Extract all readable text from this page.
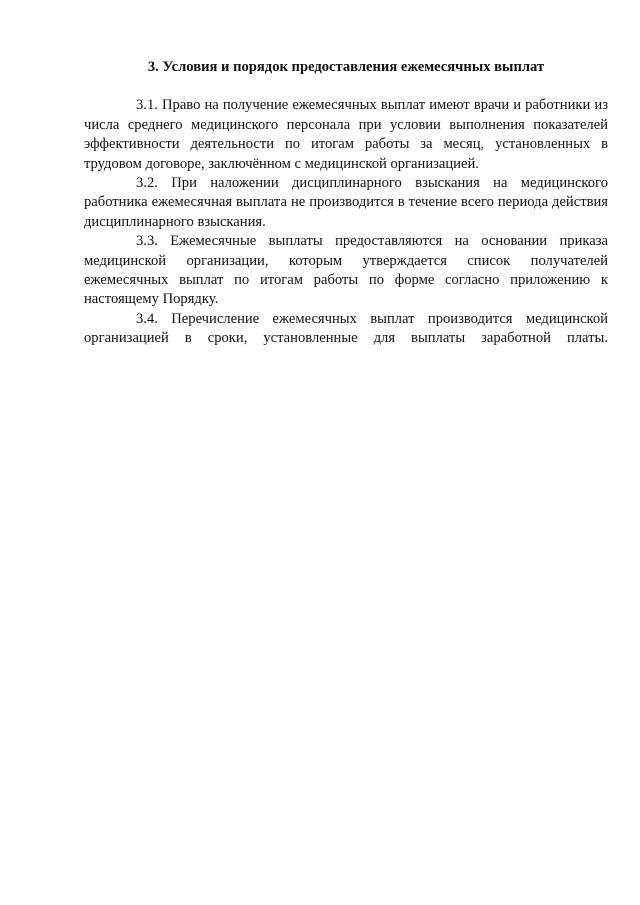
3. Условия и порядок предоставления ежемесячных выплат

3.1. Право на получение ежемесячных выплат имеют врачи и работники из числа среднего медицинского персонала при условии выполнения показателей эффективности деятельности по итогам работы за месяц, установленных в трудовом договоре, заключённом с медицинской организацией.

3.2. При наложении дисциплинарного взыскания на медицинского работника ежемесячная выплата не производится в течение всего периода действия дисциплинарного взыскания.

3.3. Ежемесячные выплаты предоставляются на основании приказа медицинской организации, которым утверждается список получателей ежемесячных выплат по итогам работы по форме согласно приложению к настоящему Порядку.

3.4. Перечисление ежемесячных выплат производится медицинской организацией в сроки, установленные для выплаты заработной платы.
